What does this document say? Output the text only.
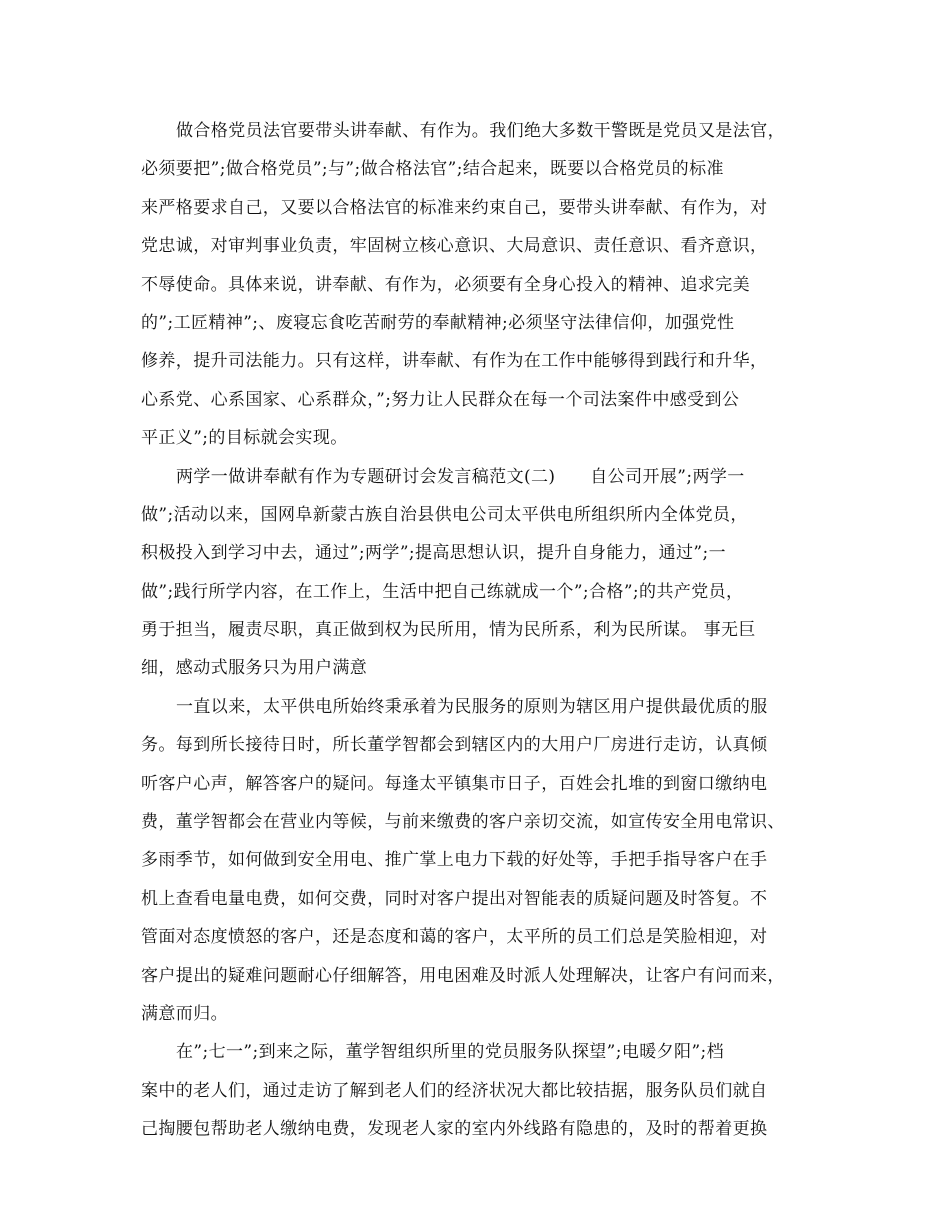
做合格党员法官要带头讲奉献、有作为。我们绝大多数干警既是党员又是法官，
必须要把”;做合格党员”;与”;做合格法官”;结合起来，既要以合格党员的标准
来严格要求自己，又要以合格法官的标准来约束自己，要带头讲奉献、有作为，对
党忠诚，对审判事业负责，牢固树立核心意识、大局意识、责任意识、看齐意识，
不辱使命。具体来说，讲奉献、有作为，必须要有全身心投入的精神、追求完美
的”;工匠精神”;、废寝忘食吃苦耐劳的奉献精神;必须坚守法律信仰，加强党性
修养，提升司法能力。只有这样，讲奉献、有作为在工作中能够得到践行和升华，
心系党、心系国家、心系群众，”;努力让人民群众在每一个司法案件中感受到公
平正义”;的目标就会实现。
两学一做讲奉献有作为专题研讨会发言稿范文(二)　　自公司开展”;两学一
做”;活动以来，国网阜新蒙古族自治县供电公司太平供电所组织所内全体党员，
积极投入到学习中去，通过”;两学”;提高思想认识，提升自身能力，通过”;一
做”;践行所学内容，在工作上，生活中把自己练就成一个”;合格”;的共产党员，
勇于担当，履责尽职，真正做到权为民所用，情为民所系，利为民所谋。 事无巨
细，感动式服务只为用户满意
一直以来，太平供电所始终秉承着为民服务的原则为辖区用户提供最优质的服
务。每到所长接待日时，所长董学智都会到辖区内的大用户厂房进行走访，认真倾
听客户心声，解答客户的疑问。每逢太平镇集市日子，百姓会扎堆的到窗口缴纳电
费，董学智都会在营业内等候，与前来缴费的客户亲切交流，如宣传安全用电常识、
多雨季节，如何做到安全用电、推广掌上电力下载的好处等，手把手指导客户在手
机上查看电量电费，如何交费，同时对客户提出对智能表的质疑问题及时答复。不
管面对态度愤怒的客户，还是态度和蔼的客户，太平所的员工们总是笑脸相迎，对
客户提出的疑难问题耐心仔细解答，用电困难及时派人处理解决，让客户有问而来，
满意而归。
在”;七一”;到来之际，董学智组织所里的党员服务队探望”;电暖夕阳”;档
案中的老人们，通过走访了解到老人们的经济状况大都比较拮据，服务队员们就自
己掏腰包帮助老人缴纳电费，发现老人家的室内外线路有隐患的，及时的帮着更换
